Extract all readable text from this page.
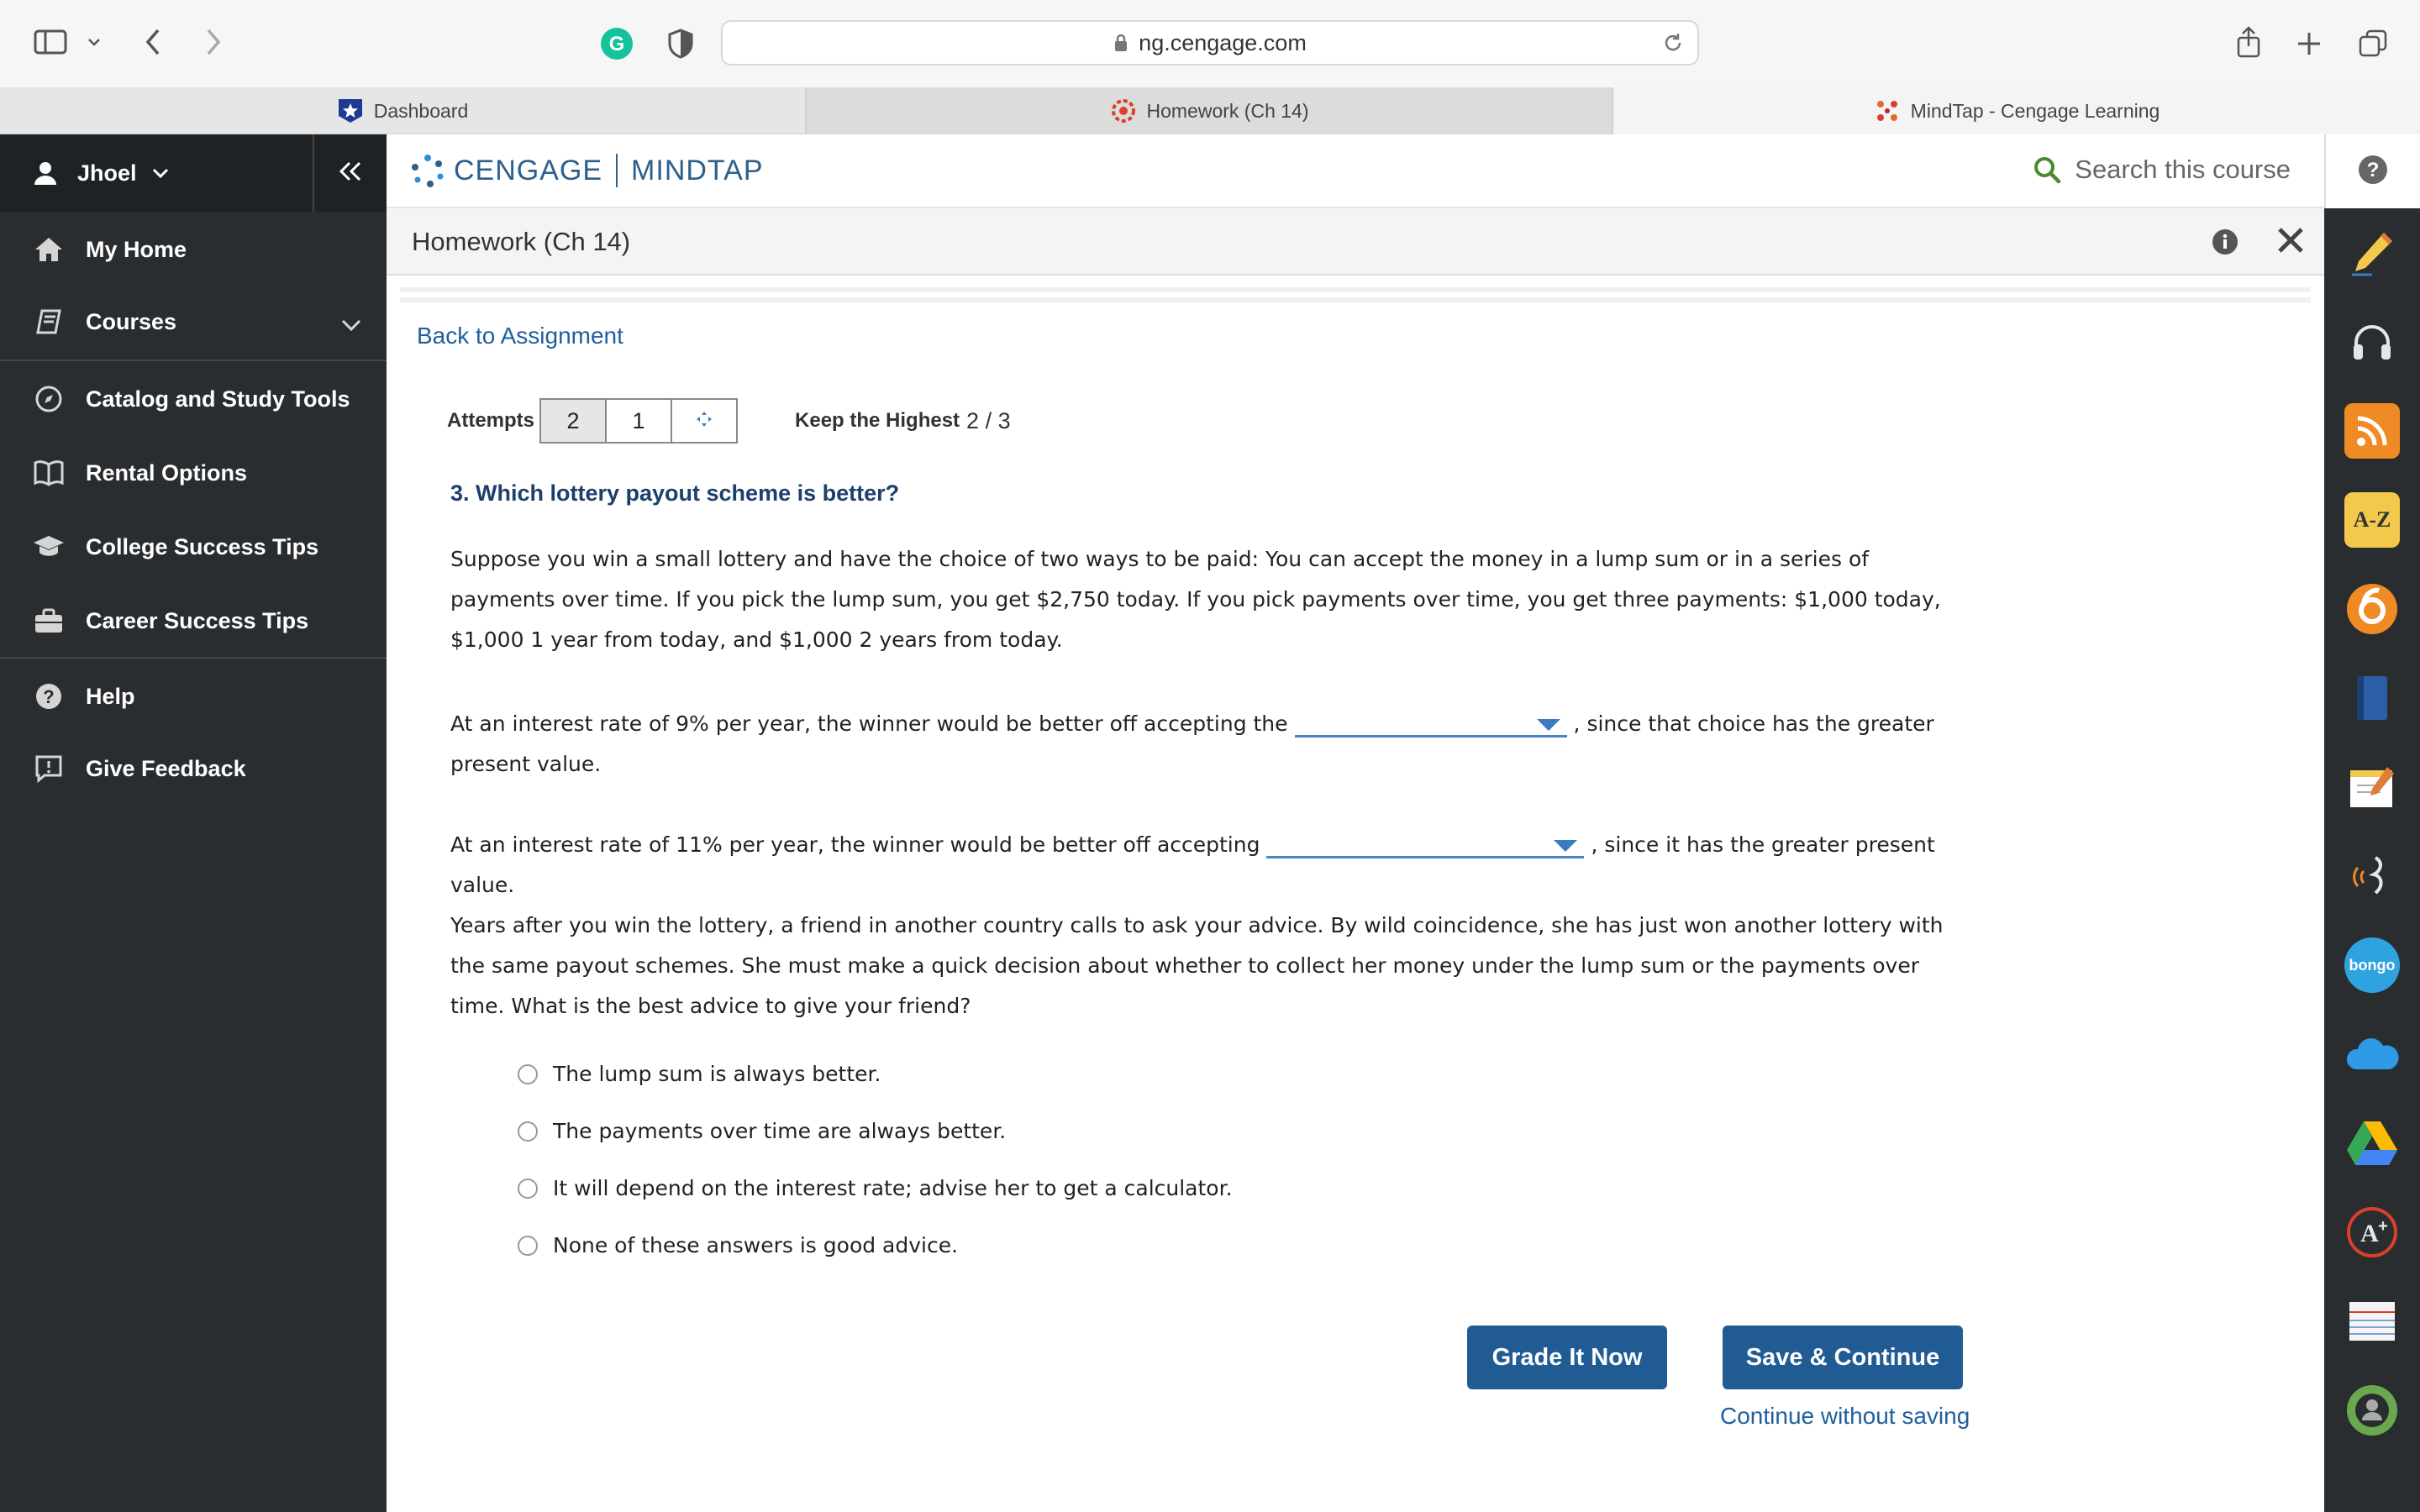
G	ng.cengage.com
Dashboard	Homework (Ch 14)	MindTap - Cengage Learning
Jhoel
My Home
Courses
Catalog and Study Tools
Rental Options
College Success Tips
Career Success Tips
? Help
Give Feedback
CENGAGE MINDTAP	Search this course
Homework (Ch 14)
Back to Assignment
Attempts	2	1	Keep the Highest 2 / 3
3. Which lottery payout scheme is better?
Suppose you win a small lottery and have the choice of two ways to be paid: You can accept the money in a lump sum or in a series of payments over time. If you pick the lump sum, you get $2,750 today. If you pick payments over time, you get three payments: $1,000 today, $1,000 1 year from today, and $1,000 2 years from today.
At an interest rate of 9% per year, the winner would be better off accepting the	, since that choice has the greater present value.
At an interest rate of 11% per year, the winner would be better off accepting	, since it has the greater present value.
Years after you win the lottery, a friend in another country calls to ask your advice. By wild coincidence, she has just won another lottery with the same payout schemes. She must make a quick decision about whether to collect her money under the lump sum or the payments over time. What is the best advice to give your friend?
The lump sum is always better.
The payments over time are always better.
It will depend on the interest rate; advise her to get a calculator.
None of these answers is good advice.
Grade It Now	Save & Continue
Continue without saving
?
A-Z
bongo
A +
